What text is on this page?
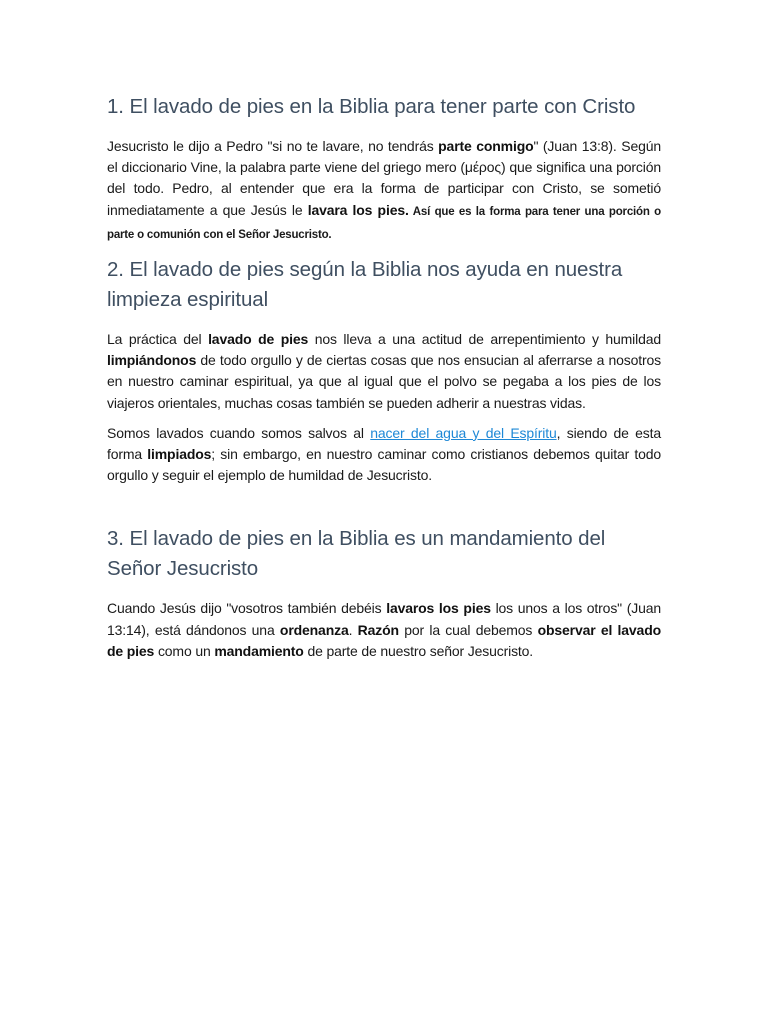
1. El lavado de pies en la Biblia para tener parte con Cristo

Jesucristo le dijo a Pedro "si no te lavare, no tendrás parte conmigo" (Juan 13:8). Según el diccionario Vine, la palabra parte viene del griego mero (μέρος) que significa una porción del todo. Pedro, al entender que era la forma de participar con Cristo, se sometió inmediatamente a que Jesús le lavara los pies. Así que es la forma para tener una porción o parte o comunión con el Señor Jesucristo.

2. El lavado de pies según la Biblia nos ayuda en nuestra limpieza espiritual

La práctica del lavado de pies nos lleva a una actitud de arrepentimiento y humildad limpiándonos de todo orgullo y de ciertas cosas que nos ensucian al aferrarse a nosotros en nuestro caminar espiritual, ya que al igual que el polvo se pegaba a los pies de los viajeros orientales, muchas cosas también se pueden adherir a nuestras vidas.

Somos lavados cuando somos salvos al nacer del agua y del Espíritu, siendo de esta forma limpiados; sin embargo, en nuestro caminar como cristianos debemos quitar todo orgullo y seguir el ejemplo de humildad de Jesucristo.

3. El lavado de pies en la Biblia es un mandamiento del Señor Jesucristo

Cuando Jesús dijo "vosotros también debéis lavaros los pies los unos a los otros" (Juan 13:14), está dándonos una ordenanza. Razón por la cual debemos observar el lavado de pies como un mandamiento de parte de nuestro señor Jesucristo.
